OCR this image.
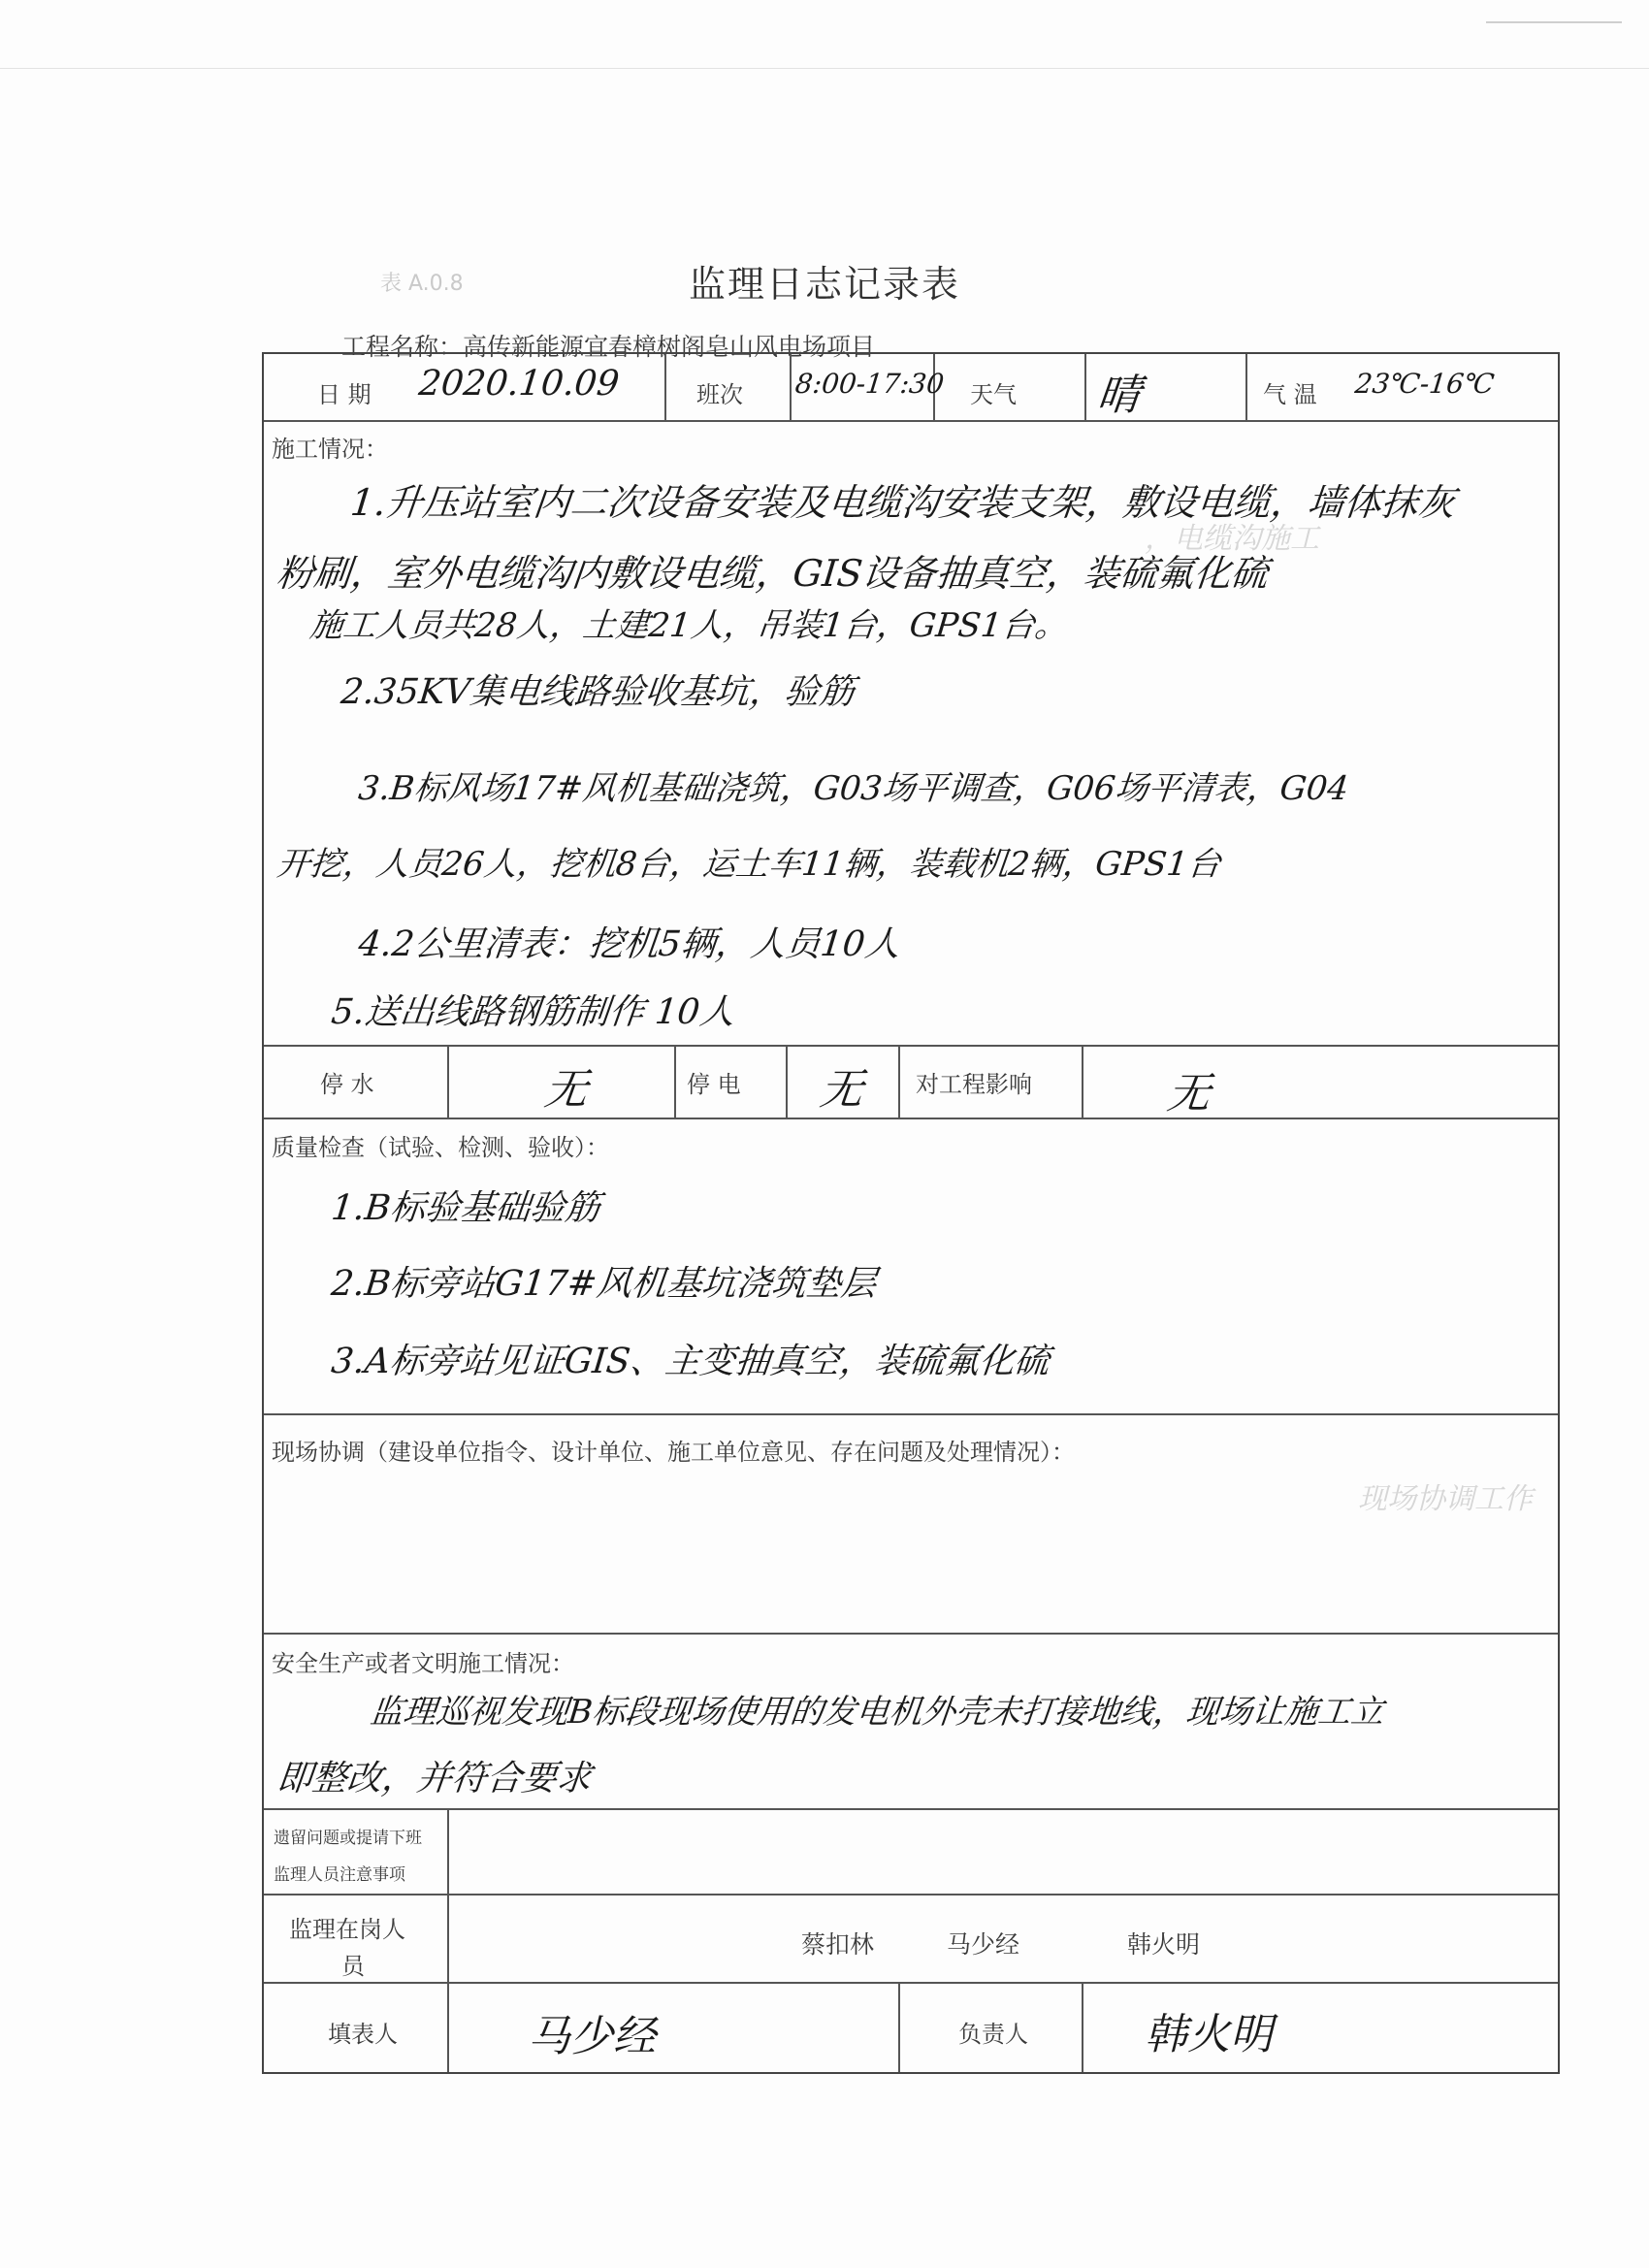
表 A.0.8	监理日志记录表
工程名称：高传新能源宜春樟树阁皂山风电场项目
，电缆沟施工
现场协调工作
日 期 2020.10.09	班次 8:00-17:30 天气 晴	气 温 23℃-16℃
施工情况：
1.升压站室内二次设备安装及电缆沟安装支架，敷设电缆，墙体抹灰
粉刷，室外电缆沟内敷设电缆，GIS设备抽真空，装硫氟化硫
施工人员共28人，土建21人，吊装1台，GPS1台。
2.35KV集电线路验收基坑，验筋
3.B标风场17#风机基础浇筑，G03场平调查，G06场平清表，G04
开挖，人员26人，挖机8台，运土车11辆，装载机2辆，GPS1台
4.2公里清表：挖机5辆，人员10人
5.送出线路钢筋制作 10人
停 水	无	停 电 无 对工程影响	无
质量检查（试验、检测、验收）：
1.B标验基础验筋
2.B标旁站G17#风机基坑浇筑垫层
3.A标旁站见证GIS、主变抽真空，装硫氟化硫
现场协调（建设单位指令、设计单位、施工单位意见、存在问题及处理情况）：
安全生产或者文明施工情况：
监理巡视发现B标段现场使用的发电机外壳未打接地线，现场让施工立
即整改，并符合要求
遗留问题或提请下班
监理人员注意事项
监理在岗人
员
蔡扣林	马少经	韩火明
填表人	马少经	负责人	韩火明
